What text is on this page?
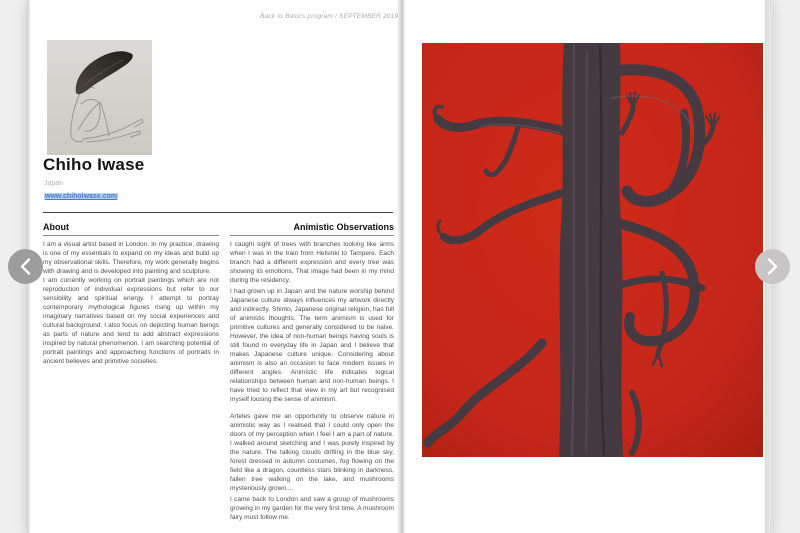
Back to Basics program / SEPTEMBER 2019
Chiho Iwase
Japan
www.chihoiwase.com
About

I am a visual artist based in London. In my practice, drawing is one of my essentials to expand on my ideas and build up my observational skills. Therefore, my work generally begins with drawing and is developed into painting and sculpture.

I am currently working on portrait paintings which are not reproduction of individual expressions but refer to our sensibility and spiritual energy. I attempt to portray contemporary mythological figures rising up within my imaginary narratives based on my social experiences and cultural background. I also focus on depicting human beings as parts of nature and tend to add abstract expressions inspired by natural phenomenon. I am searching potential of portrait paintings and approaching functions of portraits in ancient believes and primitive societies.

Animistic Observations

I caught sight of trees with branches looking like arms when I was in the train from Helsinki to Tampere. Each branch had a different expression and every tree was showing its emotions. That image had been in my mind during the residency.

I had grown up in Japan and the nature worship behind Japanese culture always influences my artwork directly and indirectly. Shinto, Japanese original religion, has full of animistic thoughts. The term animism is used for primitive cultures and generally considered to be naive. However, the idea of non-human beings having souls is still found in everyday life in Japan and I believe that makes Japanese culture unique. Considering about animism is also an occasion to face modern issues in different angles. Animistic life indicates logical relationships between human and non-human beings. I have tried to reflect that view in my art but recognised myself loosing the sense of animism.

Arteles gave me an opportunity to observe nature in animistic way as I realised that I could only open the doors of my perception when I feel I am a part of nature. I walked around sketching and I was purely inspired by the nature. The talking clouds drifting in the blue sky, forest dressed in autumn costumes, fog flowing on the field like a dragon, countless stars blinking in darkness, fallen tree walking on the lake, and mushrooms mysteriously grown....

I came back to London and saw a group of mushrooms growing in my garden for the very first time. A mushroom fairy must follow me.
